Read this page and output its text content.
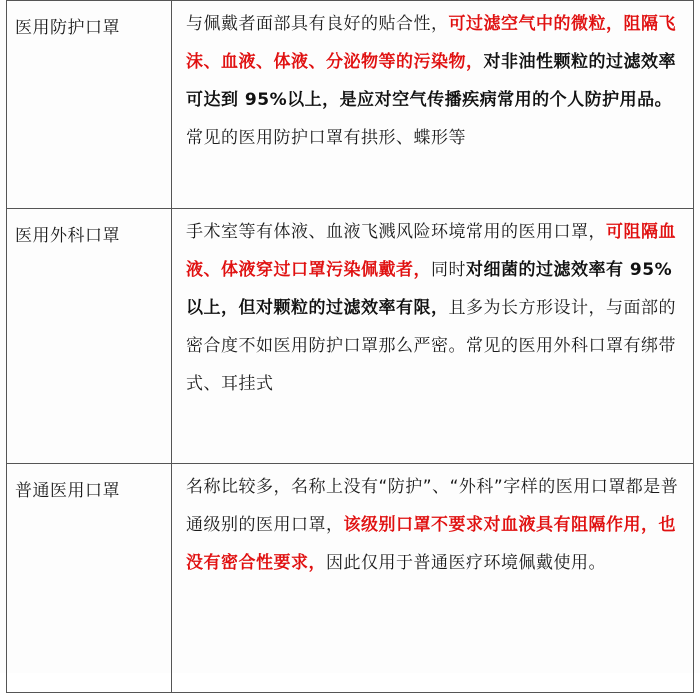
医用防护口罩	与佩戴者面部具有良好的贴合性，可过滤空气中的微粒，阻隔飞沫、血液、体液、分泌物等的污染物，对非油性颗粒的过滤效率可达到 95%以上，是应对空气传播疾病常用的个人防护用品。常见的医用防护口罩有拱形、蝶形等
医用外科口罩	手术室等有体液、血液飞溅风险环境常用的医用口罩，可阻隔血液、体液穿过口罩污染佩戴者，同时对细菌的过滤效率有 95%以上，但对颗粒的过滤效率有限，且多为长方形设计，与面部的密合度不如医用防护口罩那么严密。常见的医用外科口罩有绑带式、耳挂式
普通医用口罩	名称比较多，名称上没有“防护”、“外科”字样的医用口罩都是普通级别的医用口罩，该级别口罩不要求对血液具有阻隔作用，也没有密合性要求，因此仅用于普通医疗环境佩戴使用。
